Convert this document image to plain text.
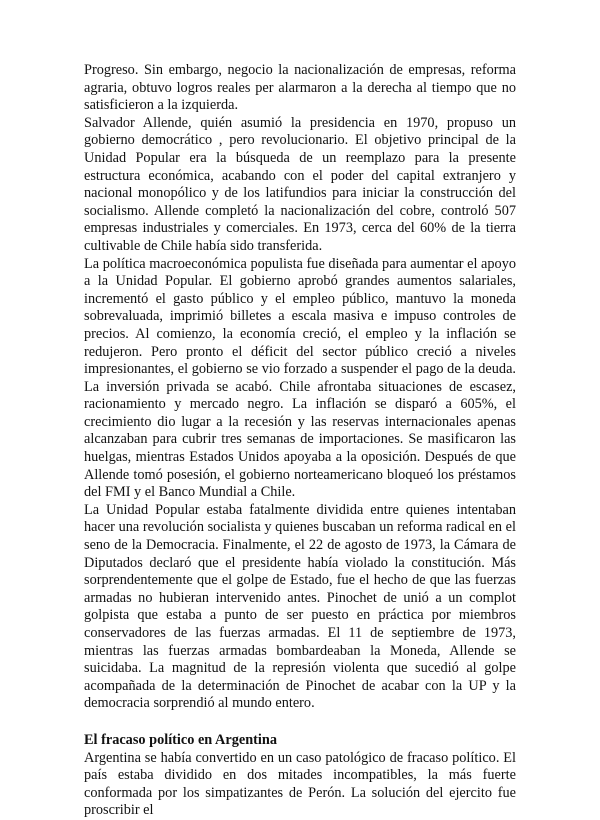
Progreso. Sin embargo, negocio la nacionalización de empresas, reforma agraria, obtuvo logros reales per alarmaron a la derecha al tiempo que no satisficieron a la izquierda.

Salvador Allende, quién asumió la presidencia en 1970, propuso un gobierno democrático , pero revolucionario. El objetivo principal de la Unidad Popular era la búsqueda de un reemplazo para la presente estructura económica, acabando con el poder del capital extranjero y nacional monopólico y de los latifundios para iniciar la construcción del socialismo. Allende completó la nacionalización del cobre, controló 507 empresas industriales y comerciales. En 1973, cerca del 60% de la tierra cultivable de Chile había sido transferida.

La política macroeconómica populista fue diseñada para aumentar el apoyo a la Unidad Popular. El gobierno aprobó grandes aumentos salariales, incrementó el gasto público y el empleo público, mantuvo la moneda sobrevaluada, imprimió billetes a escala masiva e impuso controles de precios. Al comienzo, la economía creció, el empleo y la inflación se redujeron. Pero pronto el déficit del sector público creció a niveles impresionantes, el gobierno se vio forzado a suspender el pago de la deuda. La inversión privada se acabó. Chile afrontaba situaciones de escasez, racionamiento y mercado negro. La inflación se disparó a 605%, el crecimiento dio lugar a la recesión y las reservas internacionales apenas alcanzaban para cubrir tres semanas de importaciones. Se masificaron las huelgas, mientras Estados Unidos apoyaba a la oposición. Después de que Allende tomó posesión, el gobierno norteamericano bloqueó los préstamos del FMI y el Banco Mundial a Chile.

La Unidad Popular estaba fatalmente dividida entre quienes intentaban hacer una revolución socialista y quienes buscaban un reforma radical en el seno de la Democracia. Finalmente, el 22 de agosto de 1973, la Cámara de Diputados declaró que el presidente había violado la constitución. Más sorprendentemente que el golpe de Estado, fue el hecho de que las fuerzas armadas no hubieran intervenido antes. Pinochet de unió a un complot golpista que estaba a punto de ser puesto en práctica por miembros conservadores de las fuerzas armadas. El 11 de septiembre de 1973, mientras las fuerzas armadas bombardeaban la Moneda, Allende se suicidaba. La magnitud de la represión violenta que sucedió al golpe acompañada de la determinación de Pinochet de acabar con la UP y la democracia sorprendió al mundo entero.

El fracaso político en Argentina

Argentina se había convertido en un caso patológico de fracaso político. El país estaba dividido en dos mitades incompatibles, la más fuerte conformada por los simpatizantes de Perón. La solución del ejercito fue proscribir el
